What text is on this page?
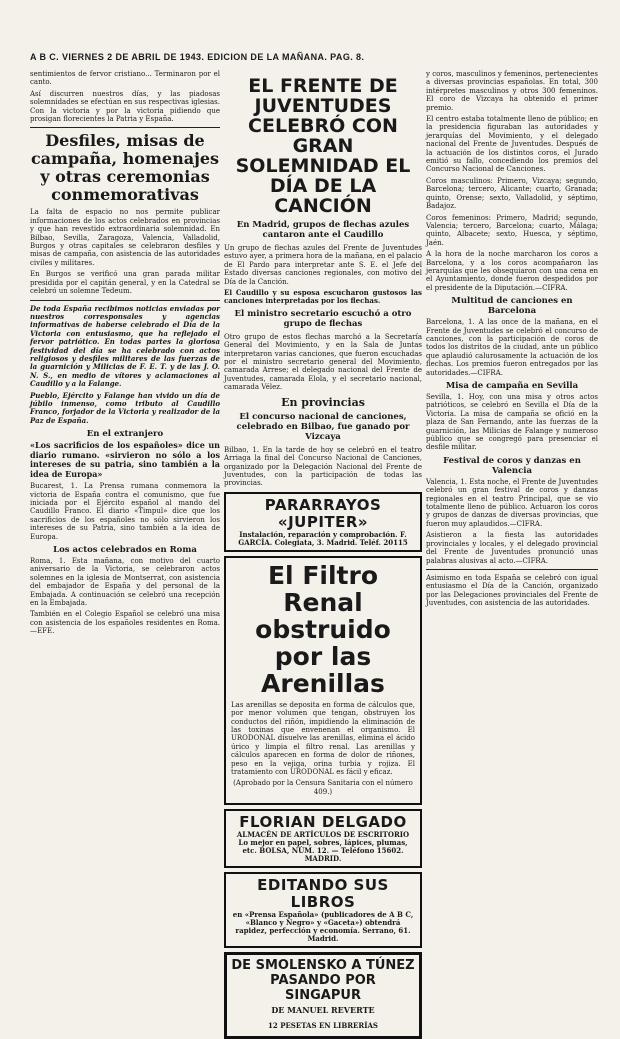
A B C. VIERNES 2 DE ABRIL DE 1943. EDICION DE LA MAÑANA. PAG. 8.

sentimientos de fervor cristiano... Terminaron por el canto.

Así discurren nuestros días, y las piadosas solemnidades se efectúan en sus respectivas iglesias. Con la victoria y por la victoria pidiendo que prosigan florecientes la Patria y España.

Desfiles, misas de campaña, homenajes y otras ceremonias conmemorativas

La falta de espacio no nos permite publicar informaciones de los actos celebrados en provincias y que han revestido extraordinaria solemnidad. En Bilbao, Sevilla, Zaragoza, Valencia, Valladolid, Burgos y otras capitales se celebraron desfiles y misas de campaña, con asistencia de las autoridades civiles y militares.

En Burgos se verificó una gran parada militar presidida por el capitán general, y en la Catedral se celebró un solemne Tedeum.

De toda España recibimos noticias enviadas por nuestros corresponsales y agencias informativas de haberse celebrado el Día de la Victoria con entusiasmo, que ha reflejado el fervor patriótico. En todas partes la gloriosa festividad del día se ha celebrado con actos religiosos y desfiles militares de las fuerzas de la guarnición y Milicias de F. E. T. y de las J. O. N. S., en medio de vítores y aclamaciones al Caudillo y a la Falange.

Pueblo, Ejército y Falange han vivido un día de júbilo inmenso, como tributo al Caudillo Franco, forjador de la Victoria y realizador de la Paz de España.

En el extranjero

«Los sacrificios de los españoles» dice un diario rumano. «sirvieron no sólo a los intereses de su patria, sino también a la idea de Europa»

Bucarest, 1. La Prensa rumana conmemora la victoria de España contra el comunismo, que fue iniciada por el Ejército español al mando del Caudillo Franco. El diario «Timpul» dice que los sacrificios de los españoles no sólo sirvieron los intereses de su Patria, sino también a la idea de Europa.

Los actos celebrados en Roma

Roma, 1. Esta mañana, con motivo del cuarto aniversario de la Victoria, se celebraron actos solemnes en la iglesia de Montserrat, con asistencia del embajador de España y del personal de la Embajada. A continuación se celebró una recepción en la Embajada.

También en el Colegio Español se celebró una misa con asistencia de los españoles residentes en Roma.—EFE.

EL FRENTE DE JUVENTUDES CELEBRÓ CON GRAN SOLEMNIDAD EL DÍA DE LA CANCIÓN
En Madrid, grupos de flechas azules cantaron ante el Caudillo

Un grupo de flechas azules del Frente de Juventudes estuvo ayer, a primera hora de la mañana, en el palacio de El Pardo para interpretar ante S. E. el Jefe del Estado diversas canciones regionales, con motivo del Día de la Canción.

El Caudillo y su esposa escucharon gustosos las canciones interpretadas por los flechas.

El ministro secretario escuchó a otro grupo de flechas

Otro grupo de estos flechas marchó a la Secretaría General del Movimiento, y en la Sala de Juntas interpretaron varias canciones, que fueron escuchadas por el ministro secretario general del Movimiento, camarada Arrese; el delegado nacional del Frente de Juventudes, camarada Elola, y el secretario nacional, camarada Vélez.

En provincias
El concurso nacional de canciones, celebrado en Bilbao, fue ganado por Vizcaya

Bilbao, 1. En la tarde de hoy se celebró en el teatro Arriaga la final del Concurso Nacional de Canciones, organizado por la Delegación Nacional del Frente de Juventudes, con la participación de todas las provincias.

PARARRAYOS «JUPITER»
Instalación, reparación y comprobación. F. GARCÍA. Colegiata, 3. Madrid. Teléf. 20115
El Filtro Renal obstruido por las Arenillas

Las arenillas se deposita en forma de cálculos que, por menor volumen que tengan, obstruyen los conductos del riñón, impidiendo la eliminación de las toxinas que envenenan el organismo. El URODONAL disuelve las arenillas, elimina el ácido úrico y limpia el filtro renal. Las arenillas y cálculos aparecen en forma de dolor de riñones, peso en la vejiga, orina turbia y rojiza. El tratamiento con URODONAL es fácil y eficaz.

(Aprobado por la Censura Sanitaria con el número 409.)

FLORIAN DELGADO
ALMACÉN DE ARTÍCULOS DE ESCRITORIO
Lo mejor en papel, sobres, lápices, plumas, etc. BOLSA, NÚM. 12. — Teléfono 15602. MADRID.
EDITANDO SUS LIBROS
en «Prensa Española» (publicadores de A B C, «Blanco y Negro» y «Gaceta») obtendrá rapidez, perfección y economía. Serrano, 61. Madrid.
DE SMOLENSKO A TÚNEZ PASANDO POR SINGAPUR
DE MANUEL REVERTE
12 PESETAS EN LIBRERÍAS

y coros, masculinos y femeninos, pertenecientes a diversas provincias españolas. En total, 300 intérpretes masculinos y otros 300 femeninos. El coro de Vizcaya ha obtenido el primer premio.

El centro estaba totalmente lleno de público; en la presidencia figuraban las autoridades y jerarquías del Movimiento, y el delegado nacional del Frente de Juventudes. Después de la actuación de los distintos coros, el Jurado emitió su fallo, concediendo los premios del Concurso Nacional de Canciones.

Coros masculinos: Primero, Vizcaya; segundo, Barcelona; tercero, Alicante; cuarto, Granada; quinto, Orense; sexto, Valladolid, y séptimo, Badajoz.

Coros femeninos: Primero, Madrid; segundo, Valencia; tercero, Barcelona; cuarto, Málaga; quinto, Albacete; sexto, Huesca, y séptimo, Jaén.

A la hora de la noche marcharon los coros a Barcelona, y a los coros acompañaron las jerarquías que les obsequiaron con una cena en el Ayuntamiento, donde fueron despedidos por el presidente de la Diputación.—CIFRA.

Multitud de canciones en Barcelona

Barcelona, 1. A las once de la mañana, en el Frente de Juventudes se celebró el concurso de canciones, con la participación de coros de todos los distritos de la ciudad, ante un público que aplaudió calurosamente la actuación de los flechas. Los premios fueron entregados por las autoridades.—CIFRA.

Misa de campaña en Sevilla

Sevilla, 1. Hoy, con una misa y otros actos patrióticos, se celebró en Sevilla el Día de la Victoria. La misa de campaña se ofició en la plaza de San Fernando, ante las fuerzas de la guarnición, las Milicias de Falange y numeroso público que se congregó para presenciar el desfile militar.

Festival de coros y danzas en Valencia

Valencia, 1. Esta noche, el Frente de Juventudes celebró un gran festival de coros y danzas regionales en el teatro Principal, que se vio totalmente lleno de público. Actuaron los coros y grupos de danzas de diversas provincias, que fueron muy aplaudidos.—CIFRA.

Asistieron a la fiesta las autoridades provinciales y locales, y el delegado provincial del Frente de Juventudes pronunció unas palabras alusivas al acto.—CIFRA.

Asimismo en toda España se celebró con igual entusiasmo el Día de la Canción, organizado por las Delegaciones provinciales del Frente de Juventudes, con asistencia de las autoridades.
